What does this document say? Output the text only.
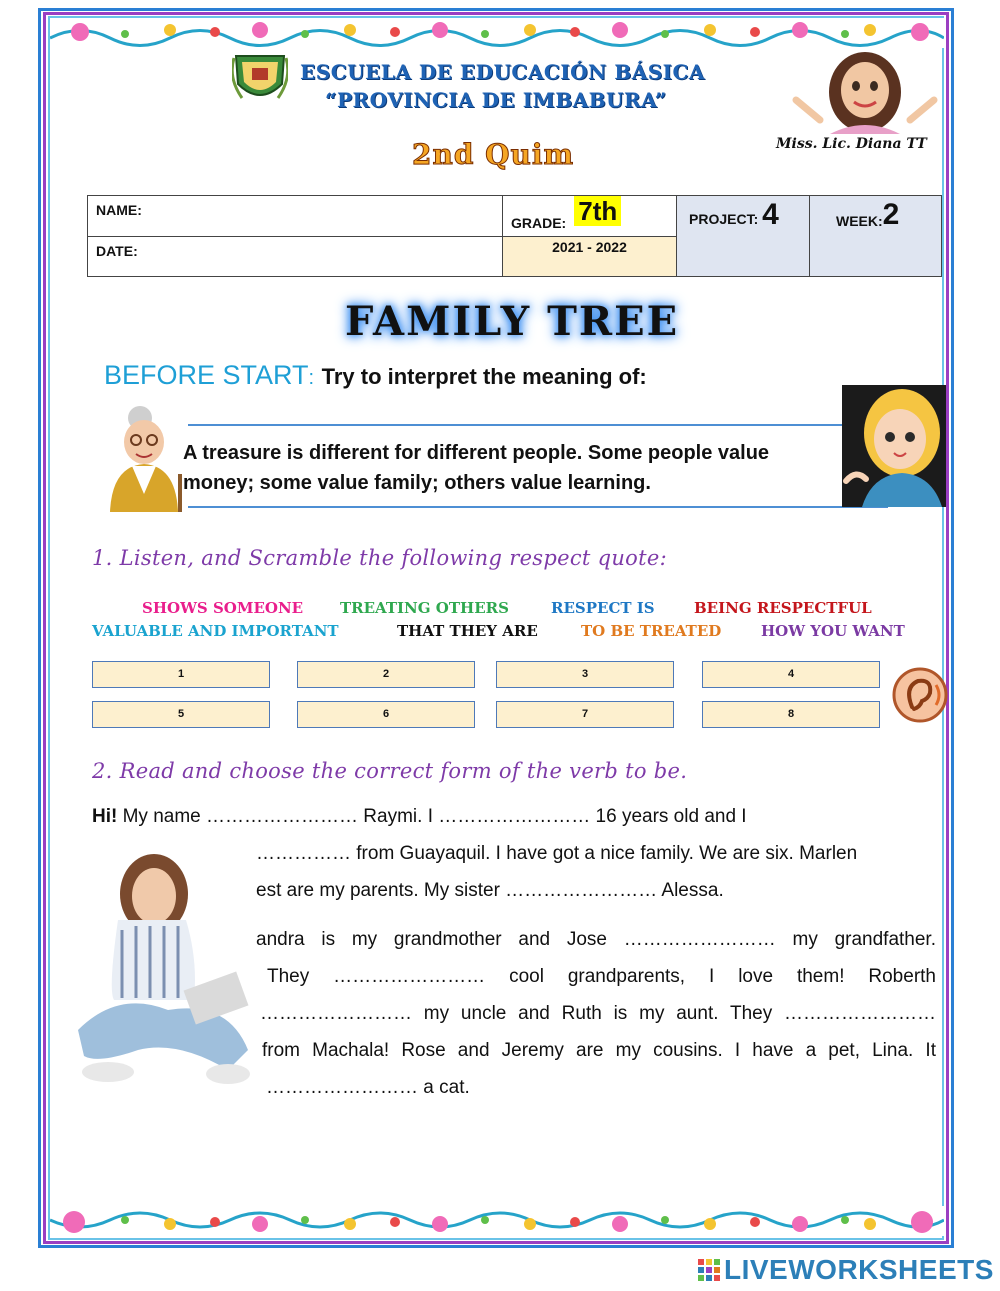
ESCUELA DE EDUCACIÓN BÁSICA
“PROVINCIA DE IMBABURA”
2nd Quim	Miss. Lic. Diana TT
NAME:
DATE:
GRADE: 7th
2021 - 2022
PROJECT: 4	WEEK:2
FAMILY TREE
BEFORE START: Try to interpret the meaning of:
A treasure is different for different people. Some people value
money; some value family; others value learning.
1. Listen, and Scramble the following respect quote:
SHOWS SOMEONE TREATING OTHERS	RESPECT IS	BEING RESPECTFUL
VALUABLE AND IMPORTANT	THAT THEY ARE	TO BE TREATED	HOW YOU WANT
1	2	3	4
5	6	7	8
2. Read and choose the correct form of the verb to be.
Hi! My name …………………… Raymi. I …………………… 16 years old and I
…………… from Guayaquil. I have got a nice family. We are six. Marlen
est are my parents. My sister …………………… Alessa.
andra is my grandmother and Jose …………………… my grandfather.
They …………………… cool grandparents, I love them! Roberth
…………………… my uncle and Ruth is my aunt. They ……………………
from Machala! Rose and Jeremy are my cousins. I have a pet, Lina. It
…………………… a cat.
LIVEWORKSHEETS
